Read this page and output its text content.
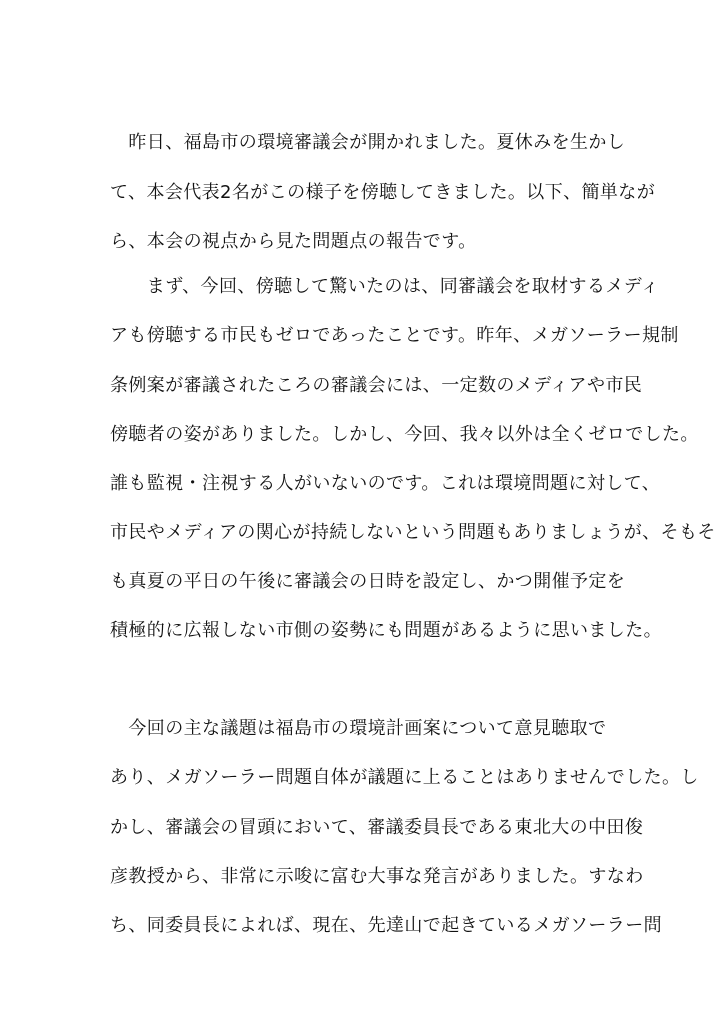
　昨日、福島市の環境審議会が開かれました。夏休みを生かし
て、本会代表2名がこの様子を傍聴してきました。以下、簡単なが
ら、本会の視点から見た問題点の報告です。
　　まず、今回、傍聴して驚いたのは、同審議会を取材するメディ
アも傍聴する市民もゼロであったことです。昨年、メガソーラー規制
条例案が審議されたころの審議会には、一定数のメディアや市民
傍聴者の姿がありました。しかし、今回、我々以外は全くゼロでした。
誰も監視・注視する人がいないのです。これは環境問題に対して、
市民やメディアの関心が持続しないという問題もありましょうが、そもそ
も真夏の平日の午後に審議会の日時を設定し、かつ開催予定を
積極的に広報しない市側の姿勢にも問題があるように思いました。
　今回の主な議題は福島市の環境計画案について意見聴取で
あり、メガソーラー問題自体が議題に上ることはありませんでした。し
かし、審議会の冒頭において、審議委員長である東北大の中田俊
彦教授から、非常に示唆に富む大事な発言がありました。すなわ
ち、同委員長によれば、現在、先達山で起きているメガソーラー問
